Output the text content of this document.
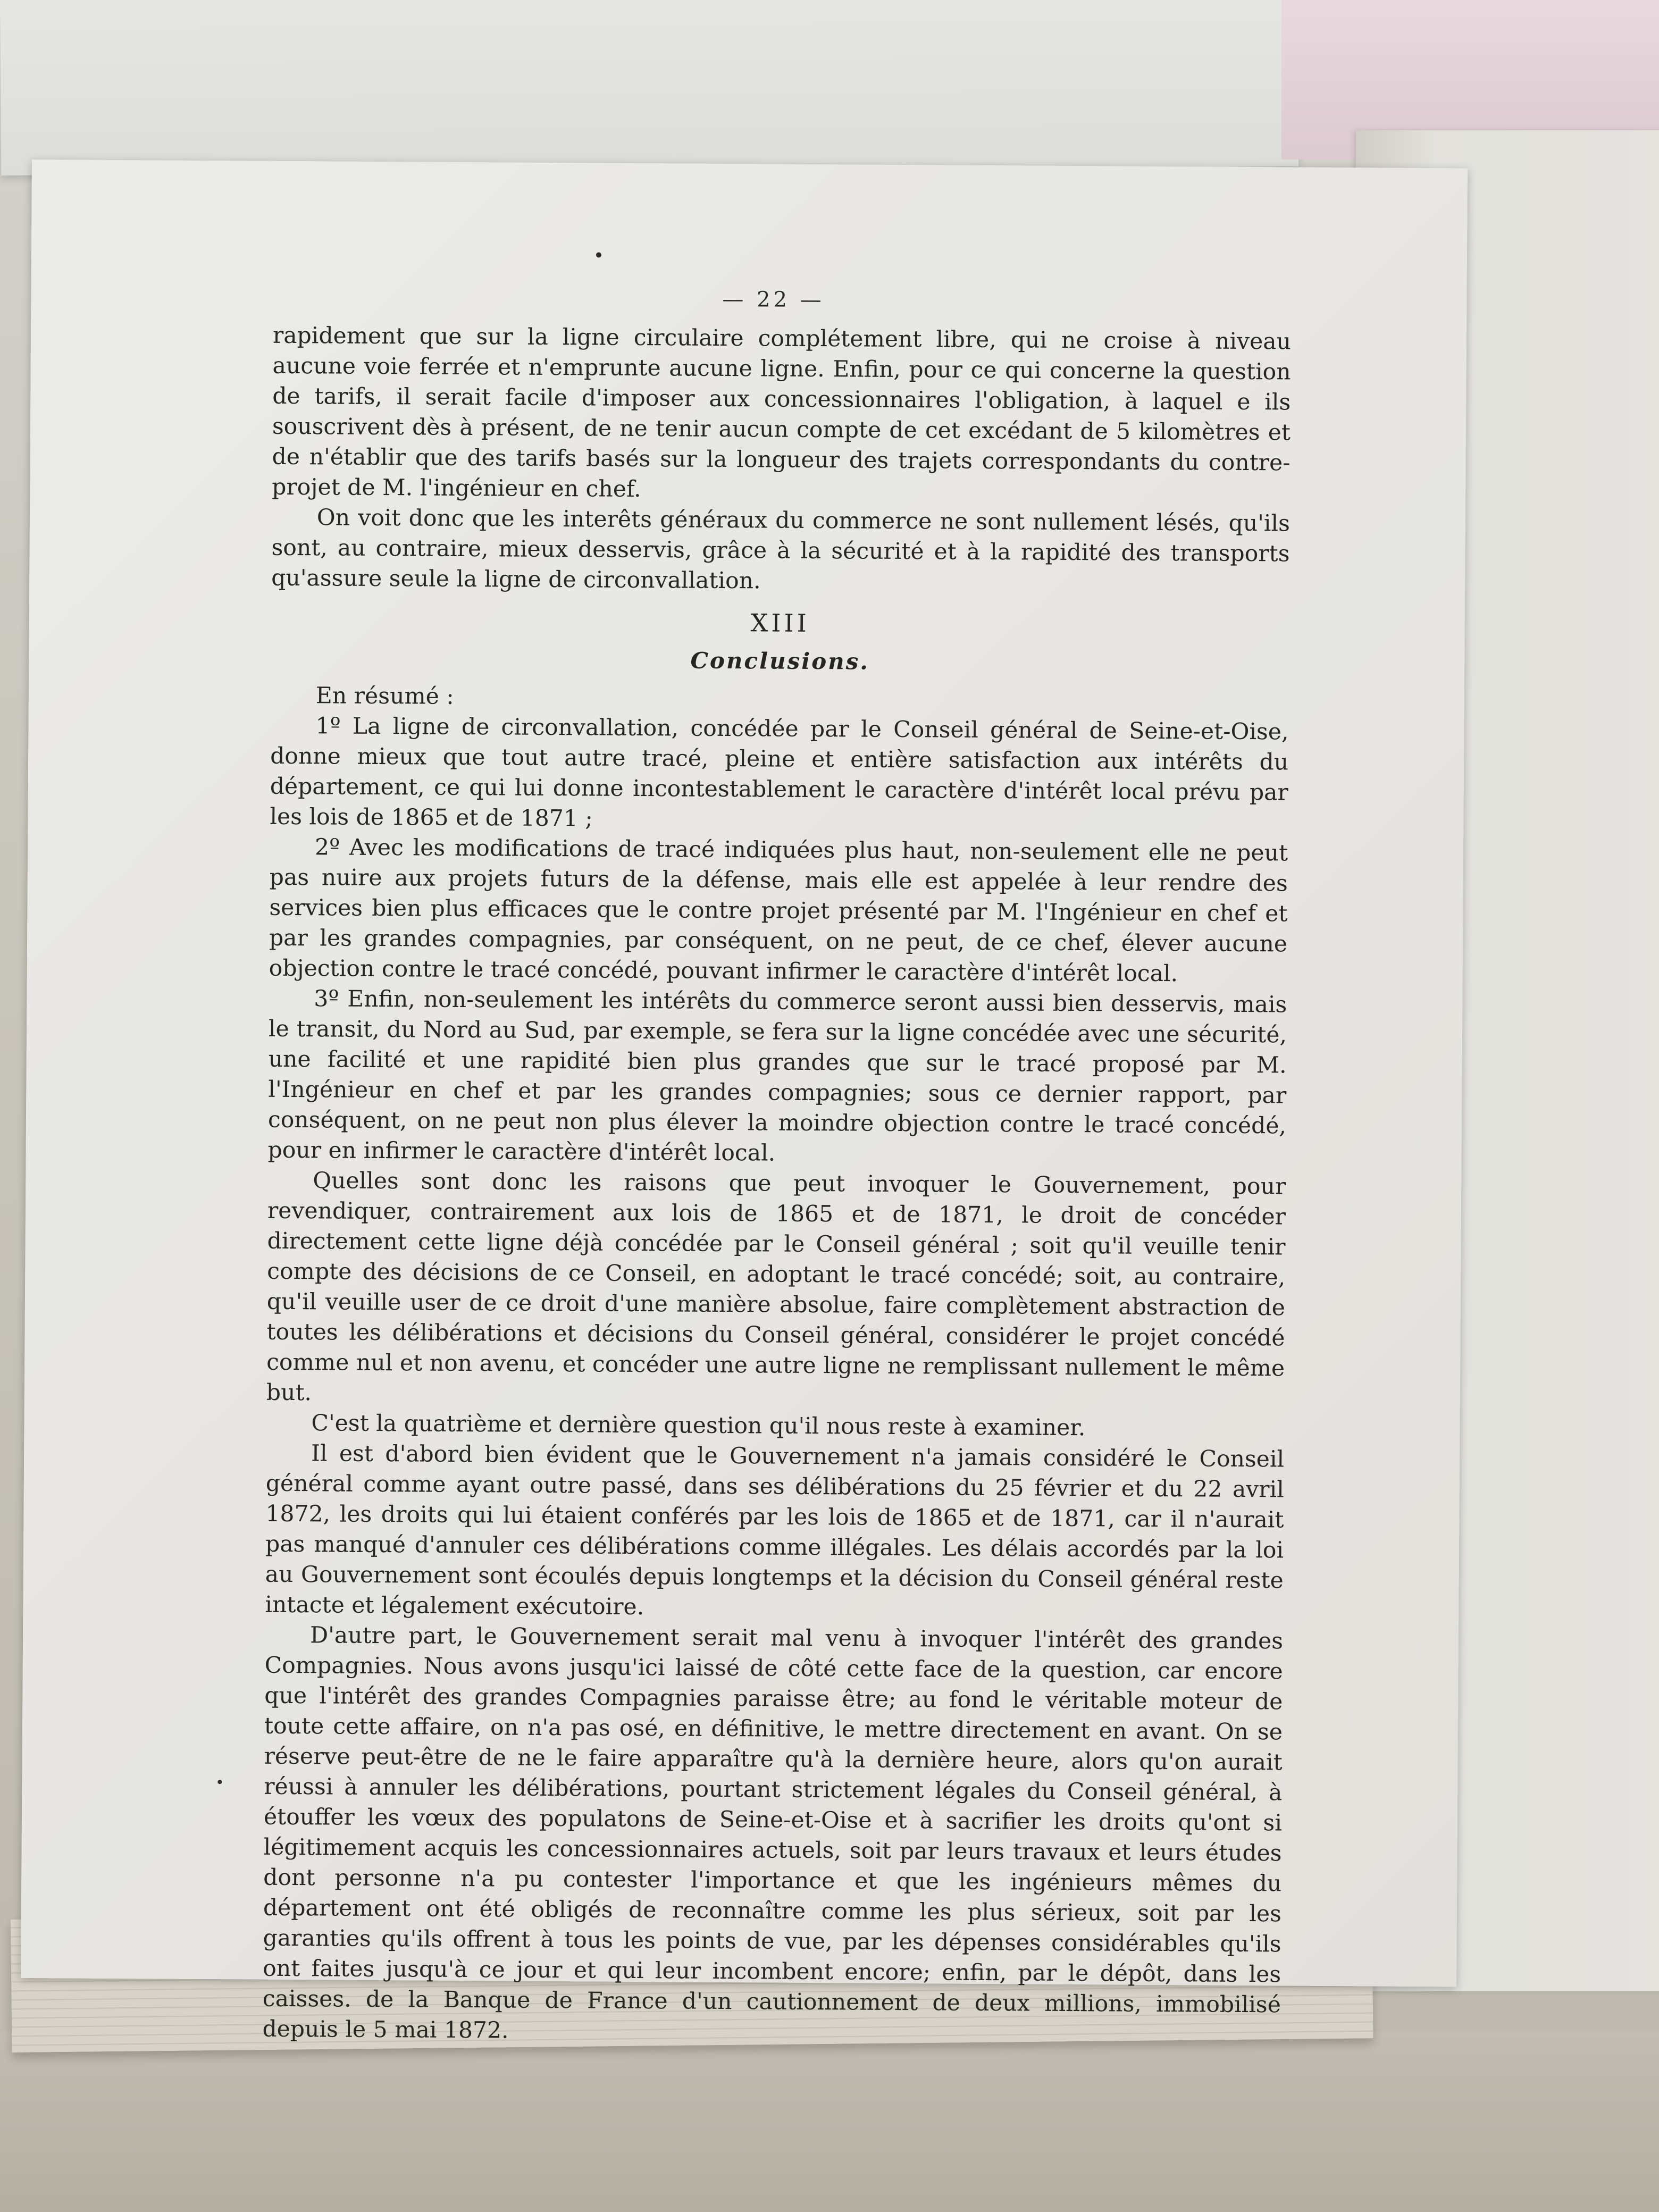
— 22 —

rapidement que sur la ligne circulaire complétement libre, qui ne croise à niveau aucune voie ferrée et n'emprunte aucune ligne. Enfin, pour ce qui concerne la question de tarifs, il serait facile d'imposer aux concessionnaires l'obligation, à laquel e ils souscrivent dès à présent, de ne tenir aucun compte de cet excédant de 5 kilomètres et de n'établir que des tarifs basés sur la longueur des trajets correspondants du contre-projet de M. l'ingénieur en chef.

On voit donc que les interêts généraux du commerce ne sont nullement lésés, qu'ils sont, au contraire, mieux desservis, grâce à la sécurité et à la rapidité des transports qu'assure seule la ligne de circonvallation.

XIII
Conclusions.

En résumé :

1º La ligne de circonvallation, concédée par le Conseil général de Seine-et-Oise, donne mieux que tout autre tracé, pleine et entière satisfaction aux intérêts du département, ce qui lui donne incontestablement le caractère d'intérêt local prévu par les lois de 1865 et de 1871 ;

2º Avec les modifications de tracé indiquées plus haut, non-seulement elle ne peut pas nuire aux projets futurs de la défense, mais elle est appelée à leur rendre des services bien plus efficaces que le contre projet présenté par M. l'Ingénieur en chef et par les grandes compagnies, par conséquent, on ne peut, de ce chef, élever aucune objection contre le tracé concédé, pouvant infirmer le caractère d'intérêt local.

3º Enfin, non-seulement les intérêts du commerce seront aussi bien desservis, mais le transit, du Nord au Sud, par exemple, se fera sur la ligne concédée avec une sécurité, une facilité et une rapidité bien plus grandes que sur le tracé proposé par M. l'Ingénieur en chef et par les grandes compagnies; sous ce dernier rapport, par conséquent, on ne peut non plus élever la moindre objection contre le tracé concédé, pour en infirmer le caractère d'intérêt local.

Quelles sont donc les raisons que peut invoquer le Gouvernement, pour revendiquer, contrairement aux lois de 1865 et de 1871, le droit de concéder directement cette ligne déjà concédée par le Conseil général ; soit qu'il veuille tenir compte des décisions de ce Conseil, en adoptant le tracé concédé; soit, au contraire, qu'il veuille user de ce droit d'une manière absolue, faire complètement abstraction de toutes les délibérations et décisions du Conseil général, considérer le projet concédé comme nul et non avenu, et concéder une autre ligne ne remplissant nullement le même but.

C'est la quatrième et dernière question qu'il nous reste à examiner.

Il est d'abord bien évident que le Gouvernement n'a jamais considéré le Conseil général comme ayant outre passé, dans ses délibérations du 25 février et du 22 avril 1872, les droits qui lui étaient conférés par les lois de 1865 et de 1871, car il n'aurait pas manqué d'annuler ces délibérations comme illégales. Les délais accordés par la loi au Gouvernement sont écoulés depuis longtemps et la décision du Conseil général reste intacte et légalement exécutoire.

D'autre part, le Gouvernement serait mal venu à invoquer l'intérêt des grandes Compagnies. Nous avons jusqu'ici laissé de côté cette face de la question, car encore que l'intérêt des grandes Compagnies paraisse être; au fond le véritable moteur de toute cette affaire, on n'a pas osé, en définitive, le mettre directement en avant. On se réserve peut-être de ne le faire apparaître qu'à la dernière heure, alors qu'on aurait réussi à annuler les délibérations, pourtant strictement légales du Conseil général, à étouffer les vœux des populatons de Seine-et-Oise et à sacrifier les droits qu'ont si légitimement acquis les concessionnaires actuels, soit par leurs travaux et leurs études dont personne n'a pu contester l'importance et que les ingénieurs mêmes du département ont été obligés de reconnaître comme les plus sérieux, soit par les garanties qu'ils offrent à tous les points de vue, par les dépenses considérables qu'ils ont faites jusqu'à ce jour et qui leur incombent encore; enfin, par le dépôt, dans les caisses. de la Banque de France d'un cautionnement de deux millions, immobilisé depuis le 5 mai 1872.
